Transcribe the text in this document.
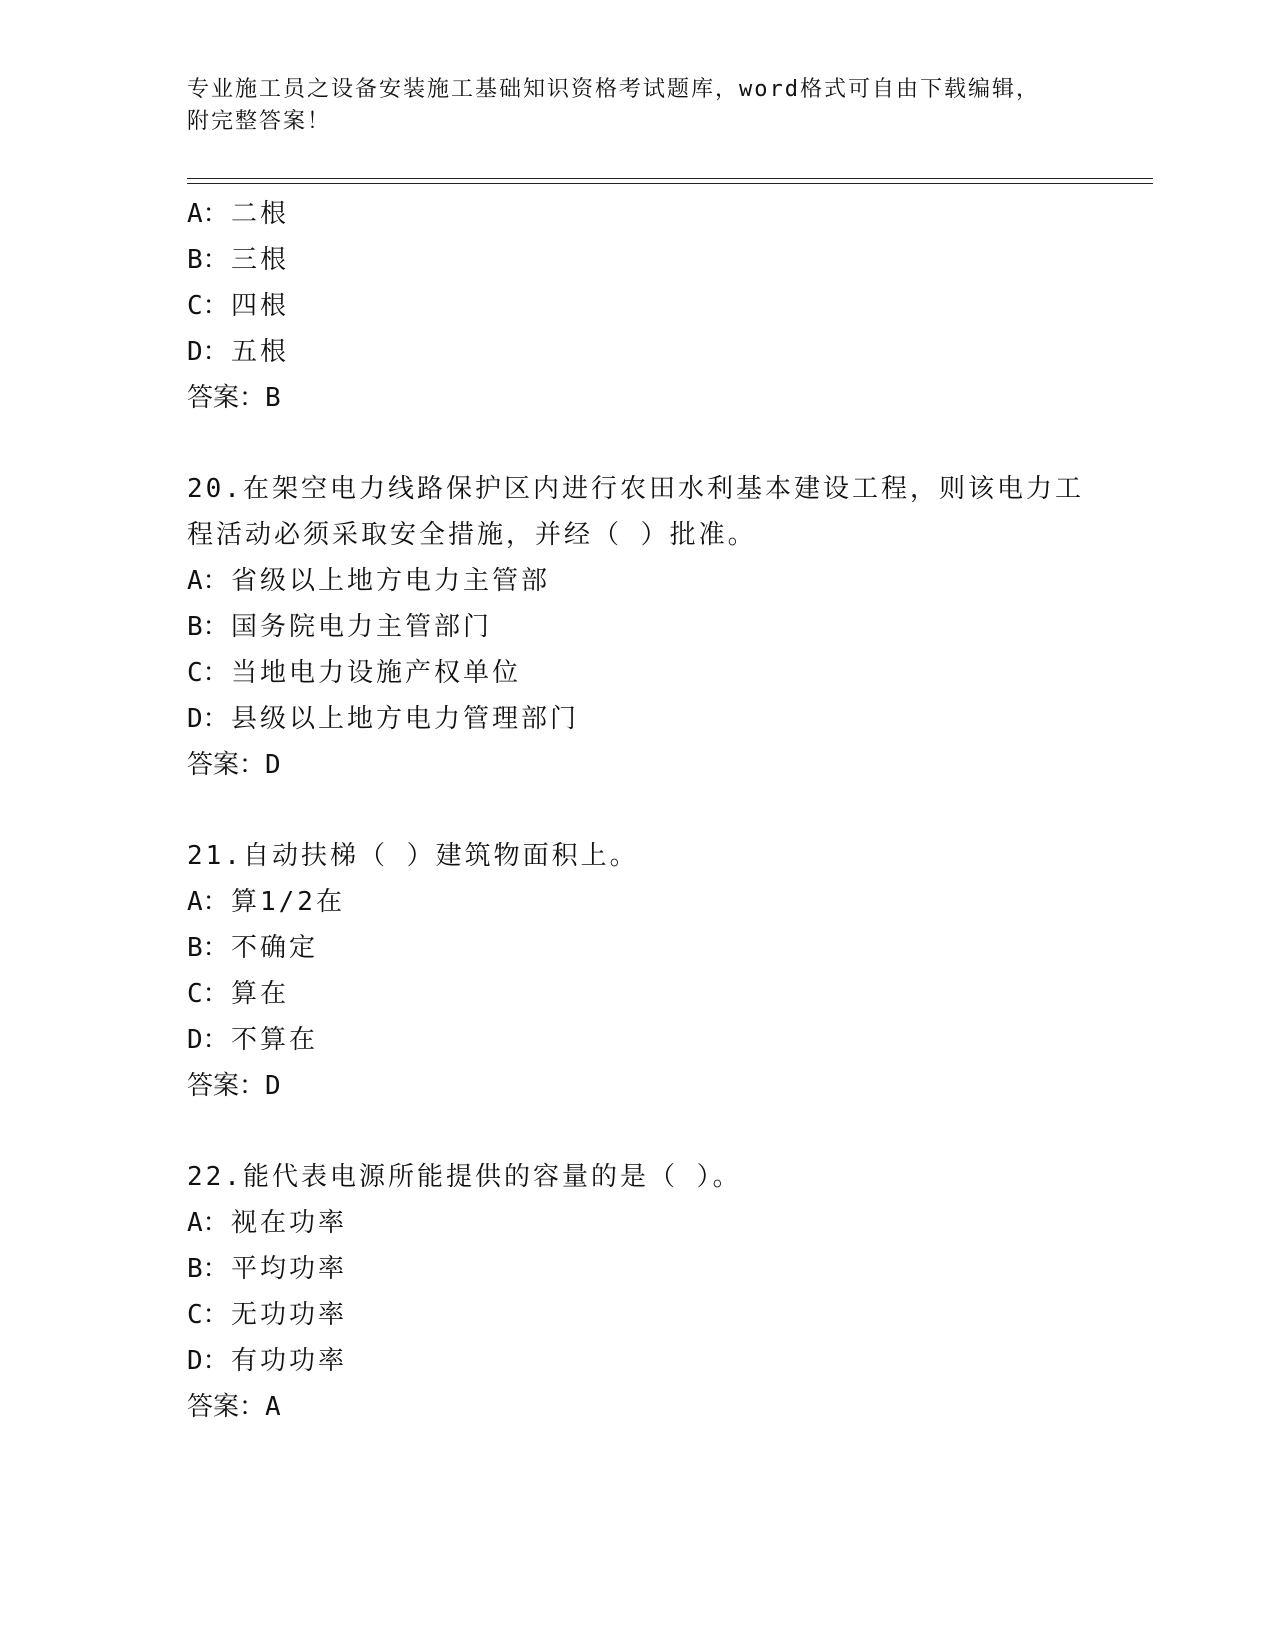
专业施工员之设备安装施工基础知识资格考试题库，word格式可自由下载编辑，
附完整答案！
A：二根
B：三根
C：四根
D：五根
答案：B
20.在架空电力线路保护区内进行农田水利基本建设工程，则该电力工
程活动必须采取安全措施，并经（ ）批准。
A：省级以上地方电力主管部
B：国务院电力主管部门
C：当地电力设施产权单位
D：县级以上地方电力管理部门
答案：D
21.自动扶梯（ ）建筑物面积上。
A：算1/2在
B：不确定
C：算在
D：不算在
答案：D
22.能代表电源所能提供的容量的是（ ）。
A：视在功率
B：平均功率
C：无功功率
D：有功功率
答案：A
